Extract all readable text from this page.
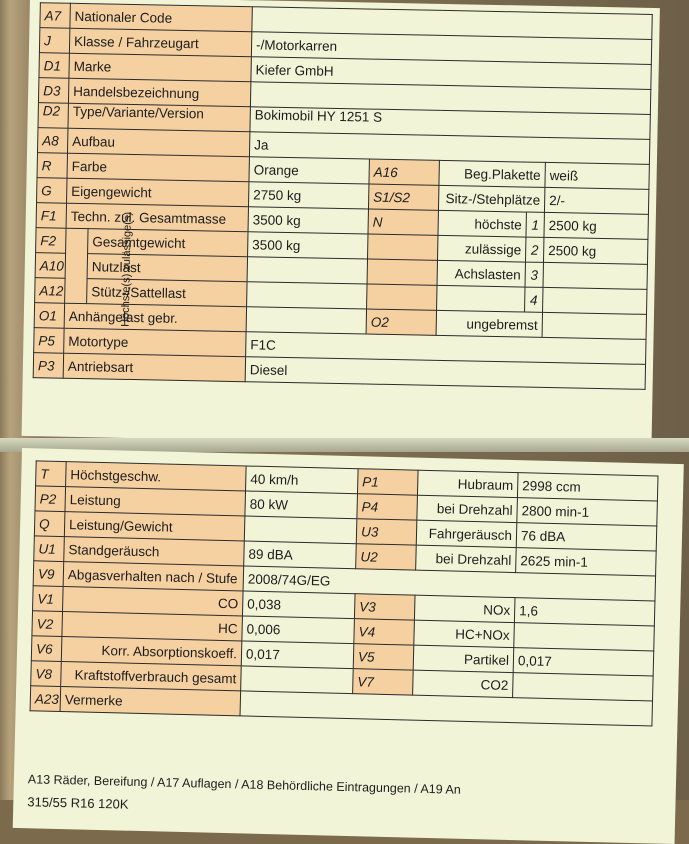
A7	Nationaler Code						
J	Klasse / Fahrzeugart		-/Motorkarren				
D1	Marke		Kiefer GmbH				
D3	Handelsbezeichnung						
D2	Type/Variante/Version		Bokimobil HY 1251 S				
A8	Aufbau		Ja				
R	Farbe		Orange	A16	Beg.Plakette		weiß
G	Eigengewicht		2750 kg	S1/S2	Sitz-/Stehplätze		2/-
F1	Techn. zul. Gesamtmasse		3500 kg	N	höchste	1	2500 kg
F2	Höchste(s) zulässige(s)	Gesamtgewicht	3500 kg		zulässige	2	2500 kg
A10		Nutzlast			Achslasten	3	
A12		Stütz-/Sattellast				4	
O1	Anhängelast gebr.			O2	ungebremst		
P5	Motortype		F1C				
P3	Antriebsart		Diesel				
T	Höchstgeschw.	40 km/h	P1	Hubraum	2998 ccm
P2	Leistung	80 kW	P4	bei Drehzahl	2800 min-1
Q	Leistung/Gewicht		U3	Fahrgeräusch	76 dBA
U1	Standgeräusch	89 dBA	U2	bei Drehzahl	2625 min-1
V9	Abgasverhalten nach / Stufe	2008/74G/EG			
V1	CO	0,038	V3	NOx	1,6
V2	HC	0,006	V4	HC+NOx	
V6	Korr. Absorptionskoeff.	0,017	V5	Partikel	0,017
V8	Kraftstoffverbrauch gesamt		V7	CO2	
A23	Vermerke				
A13 Räder, Bereifung / A17 Auflagen / A18 Behördliche Eintragungen / A19 An
315/55 R16 120K
